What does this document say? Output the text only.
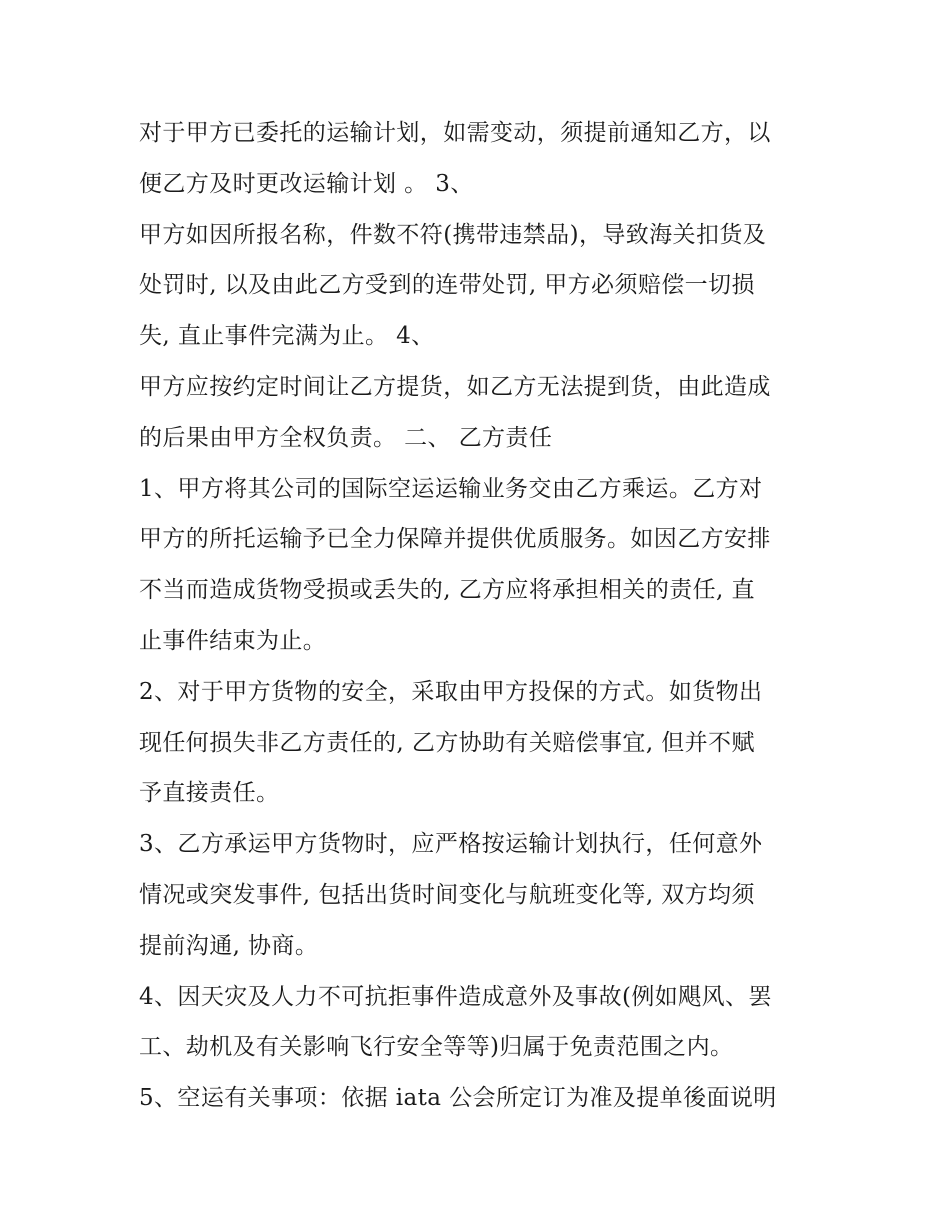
对于甲方已委托的运输计划，如需变动，须提前通知乙方，以
便乙方及时更改运输计划 。 3、
甲方如因所报名称，件数不符(携带违禁品)，导致海关扣货及
处罚时, 以及由此乙方受到的连带处罚, 甲方必须赔偿一切损
失, 直止事件完满为止。 4、
甲方应按约定时间让乙方提货，如乙方无法提到货，由此造成
的后果由甲方全权负责。 二、 乙方责任
1、甲方将其公司的国际空运运输业务交由乙方乘运。乙方对
甲方的所托运输予已全力保障并提供优质服务。如因乙方安排
不当而造成货物受损或丢失的, 乙方应将承担相关的责任, 直
止事件结束为止。
2、对于甲方货物的安全，采取由甲方投保的方式。如货物出
现任何损失非乙方责任的, 乙方协助有关赔偿事宜, 但并不赋
予直接责任。
3、乙方承运甲方货物时，应严格按运输计划执行，任何意外
情况或突发事件, 包括出货时间变化与航班变化等, 双方均须
提前沟通, 协商。
4、因天灾及人力不可抗拒事件造成意外及事故(例如飓风、罢
工、劫机及有关影响飞行安全等等)归属于免责范围之内。
5、空运有关事项：依据 iata 公会所定订为准及提单後面说明
